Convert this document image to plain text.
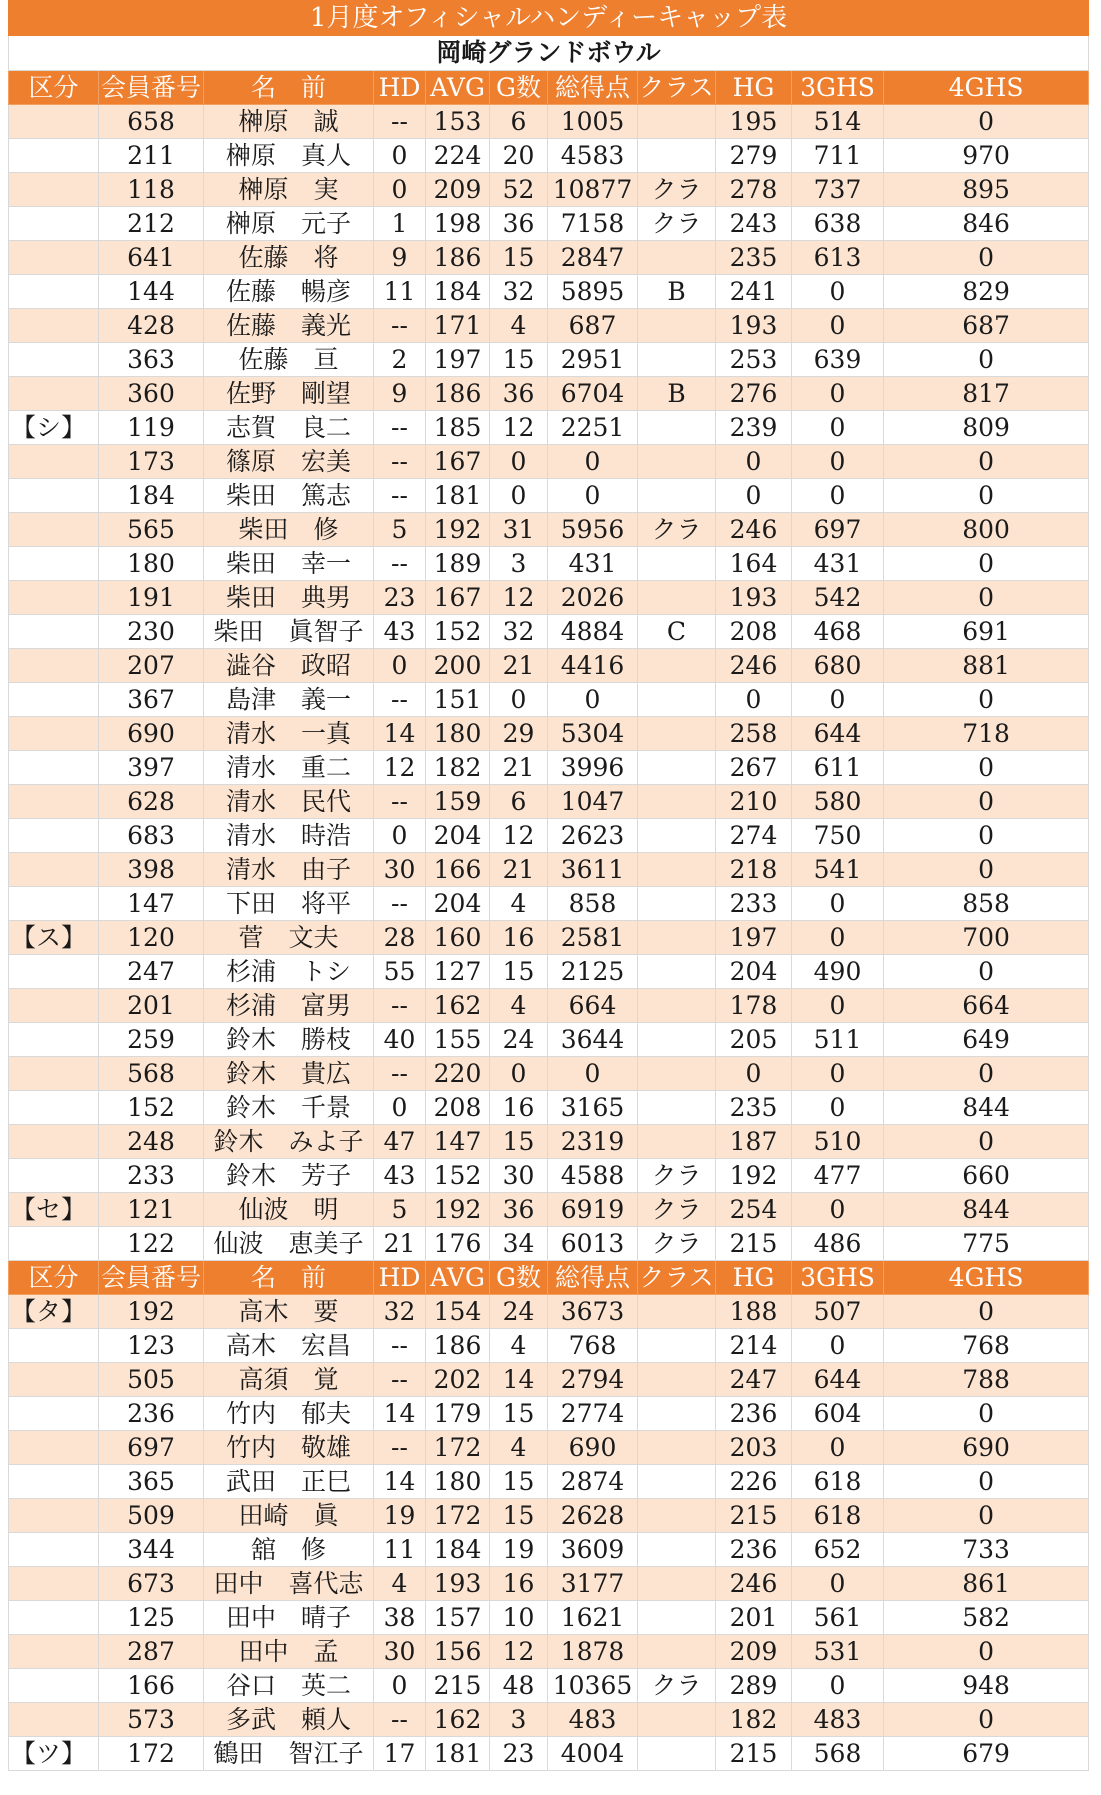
1月度オフィシャルハンディーキャップ表										
岡崎グランドボウル										
区分	会員番号	名　前	HD	AVG	G数	総得点	クラス	HG	3GHS	4GHS
	658	榊原　誠	--	153	6	1005		195	514	0
	211	榊原　真人	0	224	20	4583		279	711	970
	118	榊原　実	0	209	52	10877	クラ	278	737	895
	212	榊原　元子	1	198	36	7158	クラ	243	638	846
	641	佐藤　将	9	186	15	2847		235	613	0
	144	佐藤　暢彦	11	184	32	5895	B	241	0	829
	428	佐藤　義光	--	171	4	687		193	0	687
	363	佐藤　亘	2	197	15	2951		253	639	0
	360	佐野　剛望	9	186	36	6704	B	276	0	817
【シ】	119	志賀　良二	--	185	12	2251		239	0	809
	173	篠原　宏美	--	167	0	0		0	0	0
	184	柴田　篤志	--	181	0	0		0	0	0
	565	柴田　修	5	192	31	5956	クラ	246	697	800
	180	柴田　幸一	--	189	3	431		164	431	0
	191	柴田　典男	23	167	12	2026		193	542	0
	230	柴田　眞智子	43	152	32	4884	C	208	468	691
	207	澁谷　政昭	0	200	21	4416		246	680	881
	367	島津　義一	--	151	0	0		0	0	0
	690	清水　一真	14	180	29	5304		258	644	718
	397	清水　重二	12	182	21	3996		267	611	0
	628	清水　民代	--	159	6	1047		210	580	0
	683	清水　時浩	0	204	12	2623		274	750	0
	398	清水　由子	30	166	21	3611		218	541	0
	147	下田　将平	--	204	4	858		233	0	858
【ス】	120	菅　文夫	28	160	16	2581		197	0	700
	247	杉浦　トシ	55	127	15	2125		204	490	0
	201	杉浦　富男	--	162	4	664		178	0	664
	259	鈴木　勝枝	40	155	24	3644		205	511	649
	568	鈴木　貴広	--	220	0	0		0	0	0
	152	鈴木　千景	0	208	16	3165		235	0	844
	248	鈴木　みよ子	47	147	15	2319		187	510	0
	233	鈴木　芳子	43	152	30	4588	クラ	192	477	660
【セ】	121	仙波　明	5	192	36	6919	クラ	254	0	844
	122	仙波　恵美子	21	176	34	6013	クラ	215	486	775
区分	会員番号	名　前	HD	AVG	G数	総得点	クラス	HG	3GHS	4GHS
【タ】	192	高木　要	32	154	24	3673		188	507	0
	123	高木　宏昌	--	186	4	768		214	0	768
	505	高須　覚	--	202	14	2794		247	644	788
	236	竹内　郁夫	14	179	15	2774		236	604	0
	697	竹内　敬雄	--	172	4	690		203	0	690
	365	武田　正巳	14	180	15	2874		226	618	0
	509	田崎　眞	19	172	15	2628		215	618	0
	344	舘　修	11	184	19	3609		236	652	733
	673	田中　喜代志	4	193	16	3177		246	0	861
	125	田中　晴子	38	157	10	1621		201	561	582
	287	田中　孟	30	156	12	1878		209	531	0
	166	谷口　英二	0	215	48	10365	クラ	289	0	948
	573	多武　頼人	--	162	3	483		182	483	0
【ツ】	172	鶴田　智江子	17	181	23	4004		215	568	679
